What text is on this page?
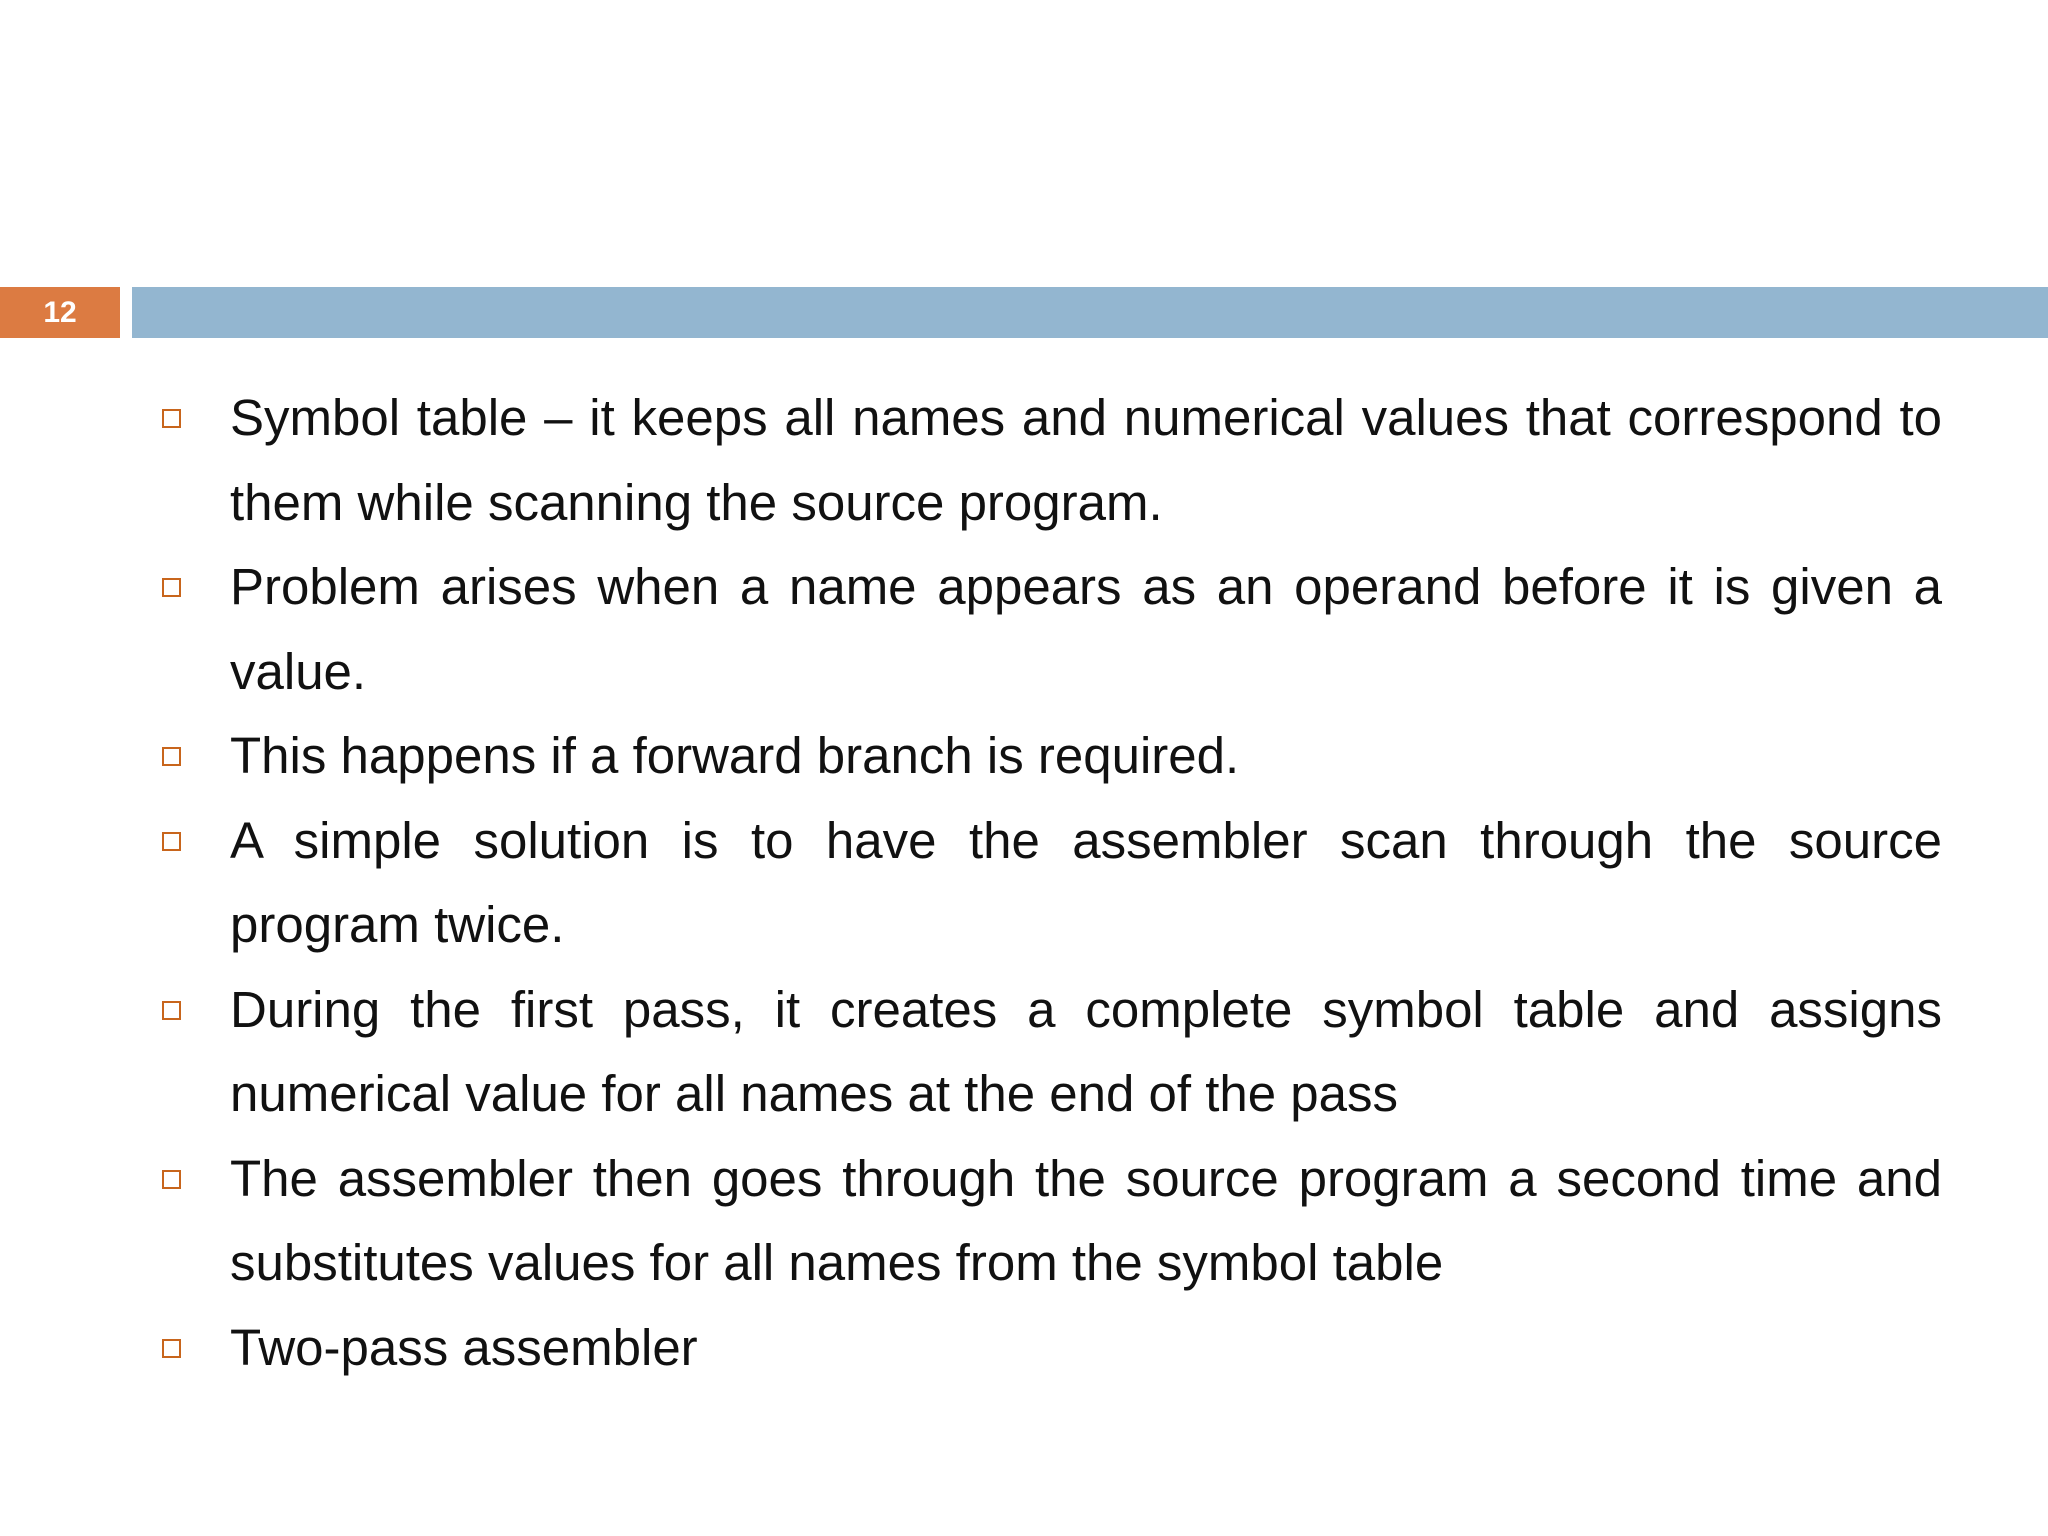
12
Symbol table – it keeps all names and numerical values that correspond to them while scanning the source program.
Problem arises when a name appears as an operand before it is given a value.
This happens if a forward branch is required.
A simple solution is to have the assembler scan through the source program twice.
During the first pass, it creates a complete symbol table and assigns numerical value for all names at the end of the pass
The assembler then goes through the source program a second time and substitutes values for all names from the symbol table
Two-pass assembler
